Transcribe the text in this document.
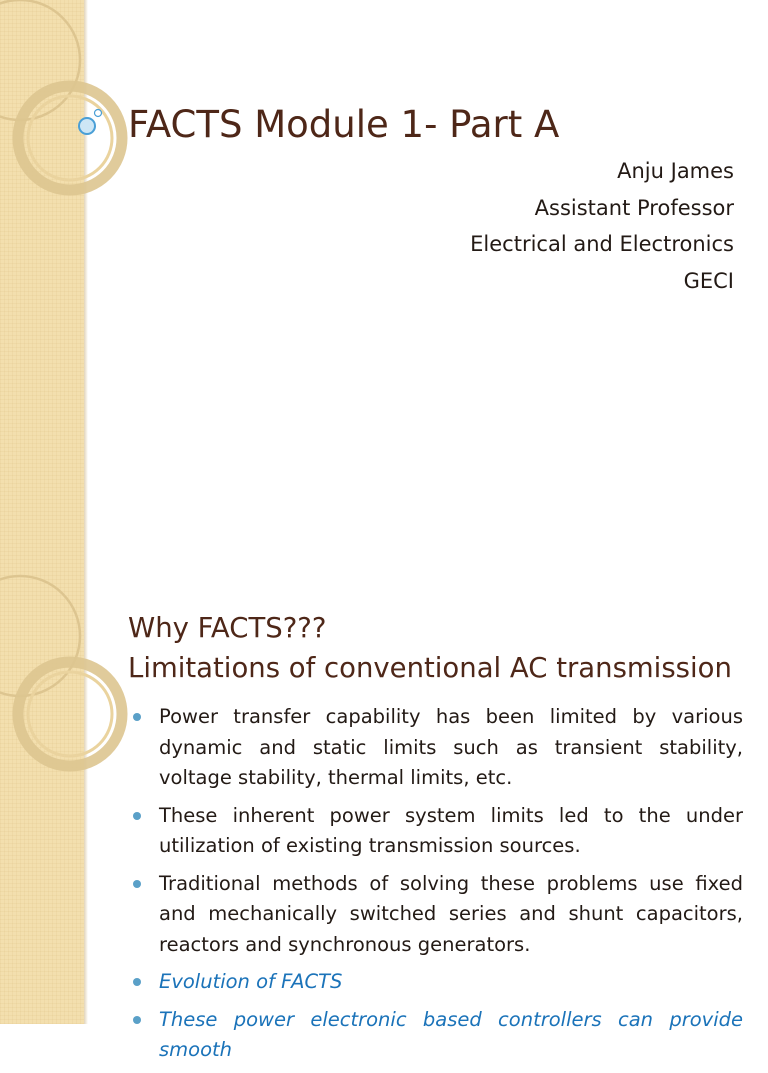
FACTS Module 1- Part A
Anju James
Assistant Professor
Electrical and Electronics
GECI
Why FACTS???
Limitations of conventional AC transmission
Power transfer capability has been limited by various dynamic and static limits such as transient stability, voltage stability, thermal limits, etc.
These inherent power system limits led to the under utilization of existing transmission sources.
Traditional methods of solving these problems use fixed and mechanically switched series and shunt capacitors, reactors and synchronous generators.
Evolution of FACTS
These power electronic based controllers can provide smooth
